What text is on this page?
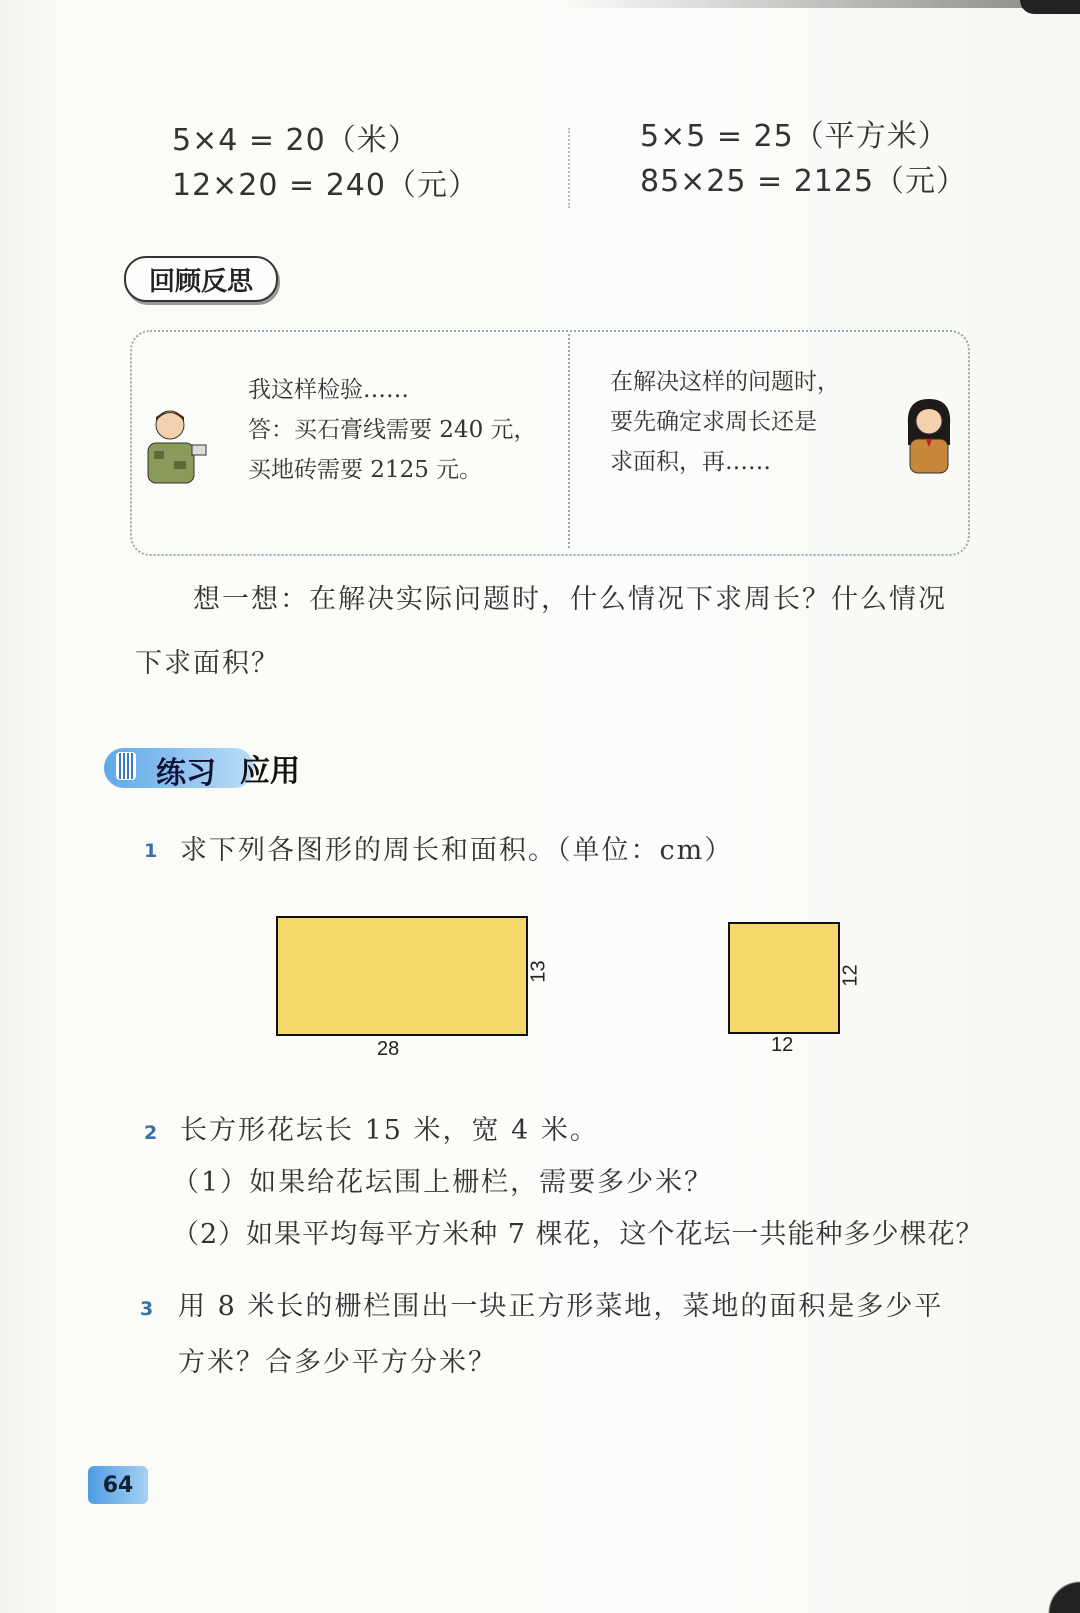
5×4 = 20（米）
12×20 = 240（元）
5×5 = 25（平方米）
85×25 = 2125（元）
回顾反思
我这样检验……
答：买石膏线需要 240 元，
买地砖需要 2125 元。
在解决这样的问题时，
要先确定求周长还是
求面积，再……
想一想：在解决实际问题时，什么情况下求周长？什么情况下求面积？
练习 应用
1 求下列各图形的周长和面积。（单位：cm）
13
28
12
12
2 长方形花坛长 15 米，宽 4 米。
（1）如果给花坛围上栅栏，需要多少米？
（2）如果平均每平方米种 7 棵花，这个花坛一共能种多少棵花？
3 用 8 米长的栅栏围出一块正方形菜地，菜地的面积是多少平
方米？合多少平方分米？
64
